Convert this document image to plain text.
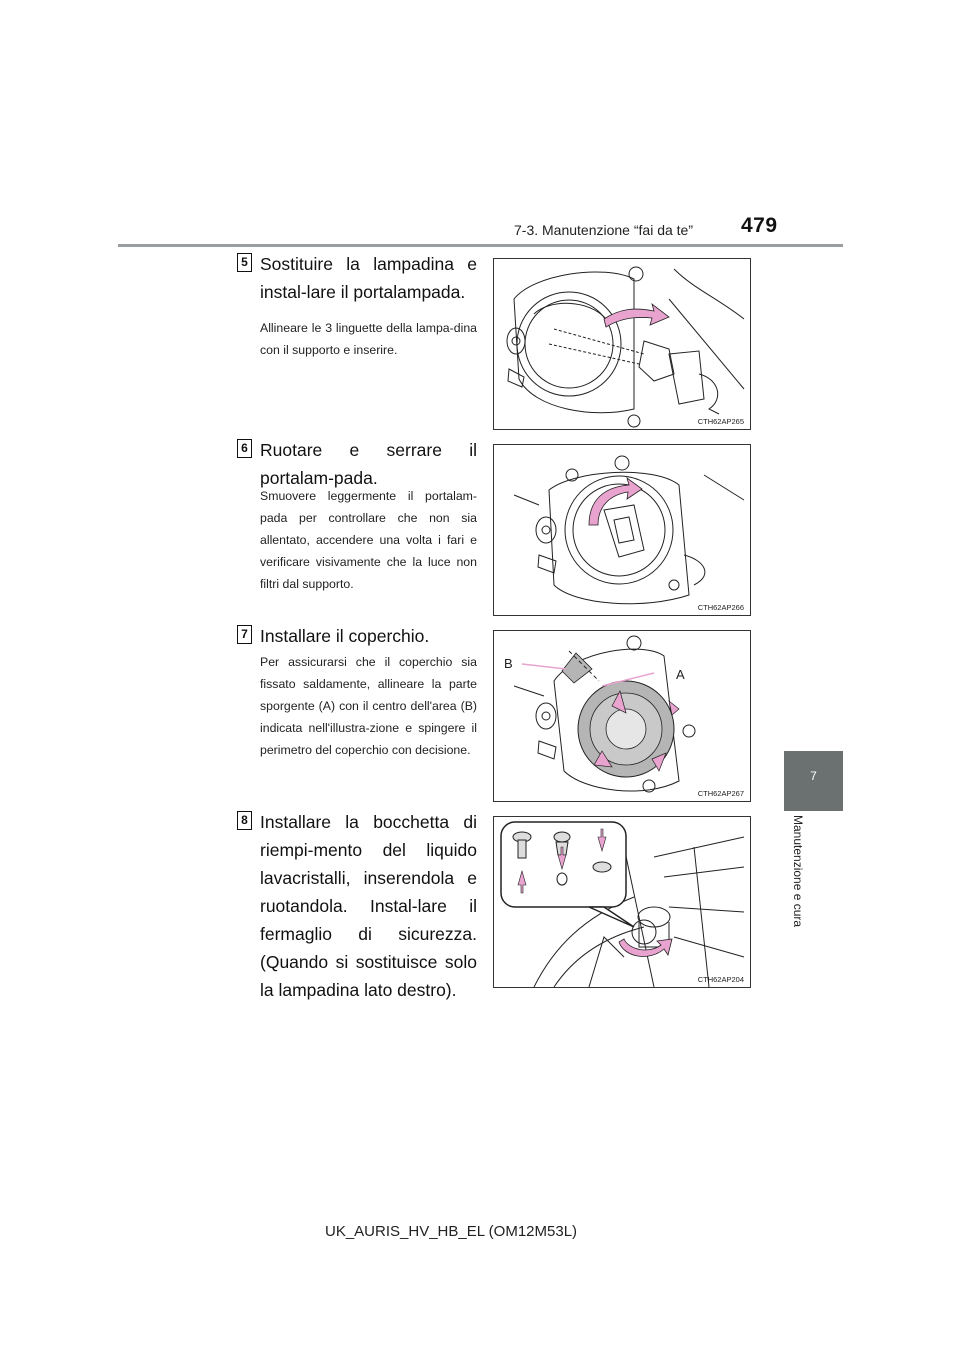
7-3. Manutenzione “fai da te” 479
7
Manutenzione e cura
5 Sostituire la lampadina e instal-lare il portalampada.
Allineare le 3 linguette della lampa-dina con il supporto e inserire.
CTH62AP265
6 Ruotare e serrare il portalam-pada.
Smuovere leggermente il portalam-pada per controllare che non sia allentato, accendere una volta i fari e verificare visivamente che la luce non filtri dal supporto.
CTH62AP266
7 Installare il coperchio.
Per assicurarsi che il coperchio sia fissato saldamente, allineare la parte sporgente (A) con il centro dell'area (B) indicata nell'illustra-zione e spingere il perimetro del coperchio con decisione.
B
A
CTH62AP267
8 Installare la bocchetta di riempi-mento del liquido lavacristalli, inserendola e ruotandola. Instal-lare il fermaglio di sicurezza. (Quando si sostituisce solo la lampadina lato destro).
CTH62AP204
UK_AURIS_HV_HB_EL (OM12M53L)
